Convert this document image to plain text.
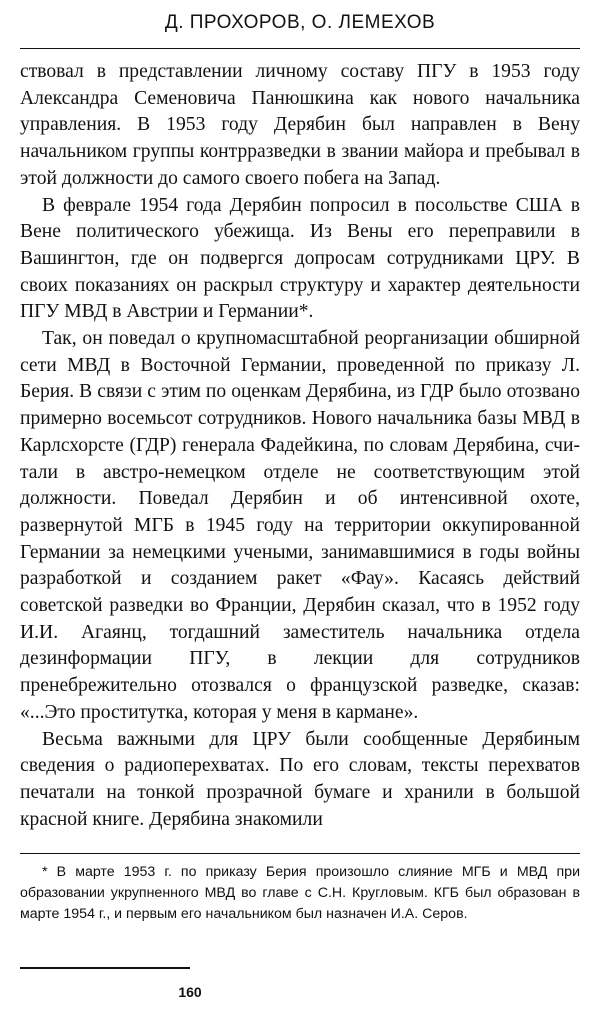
Д. ПРОХОРОВ, О. ЛЕМЕХОВ

ствовал в представлении личному составу ПГУ в 1953 году Александра Семеновича Панюшкина как нового начальника управления. В 1953 году Дерябин был направлен в Вену начальником группы контрразведки в звании майора и пребывал в этой должности до самого своего побега на Запад.

В феврале 1954 года Дерябин попросил в посольстве США в Вене политического убежища. Из Вены его переправили в Вашингтон, где он подвергся допросам сотрудниками ЦРУ. В своих показаниях он раскрыл структуру и характер деятельности ПГУ МВД в Австрии и Германии*.

Так, он поведал о крупномасштабной реорганизации обширной сети МВД в Восточной Германии, проведенной по приказу Л. Берия. В связи с этим по оценкам Дерябина, из ГДР было отозвано примерно восемьсот сотрудников. Нового начальника базы МВД в Карлсхорсте (ГДР) генерала Фадейкина, по словам Дерябина, считали в австро-немецком отделе не соответствующим этой должности. Поведал Дерябин и об интенсивной охоте, развернутой МГБ в 1945 году на территории оккупированной Германии за немецкими учеными, занимавшимися в годы войны разработкой и созданием ракет «Фау». Касаясь действий советской разведки во Франции, Дерябин сказал, что в 1952 году И.И. Агаянц, тогдашний заместитель начальника отдела дезинформации ПГУ, в лекции для сотрудников пренебрежительно отозвался о французской разведке, сказав: «...Это проститутка, которая у меня в кармане».

Весьма важными для ЦРУ были сообщенные Дерябиным сведения о радиоперехватах. По его словам, тексты перехватов печатали на тонкой прозрачной бумаге и хранили в большой красной книге. Дерябина знакомили

* В марте 1953 г. по приказу Берия произошло слияние МГБ и МВД при образовании укрупненного МВД во главе с С.Н. Кругловым. КГБ был образован в марте 1954 г., и первым его начальником был назначен И.А. Серов.

160
